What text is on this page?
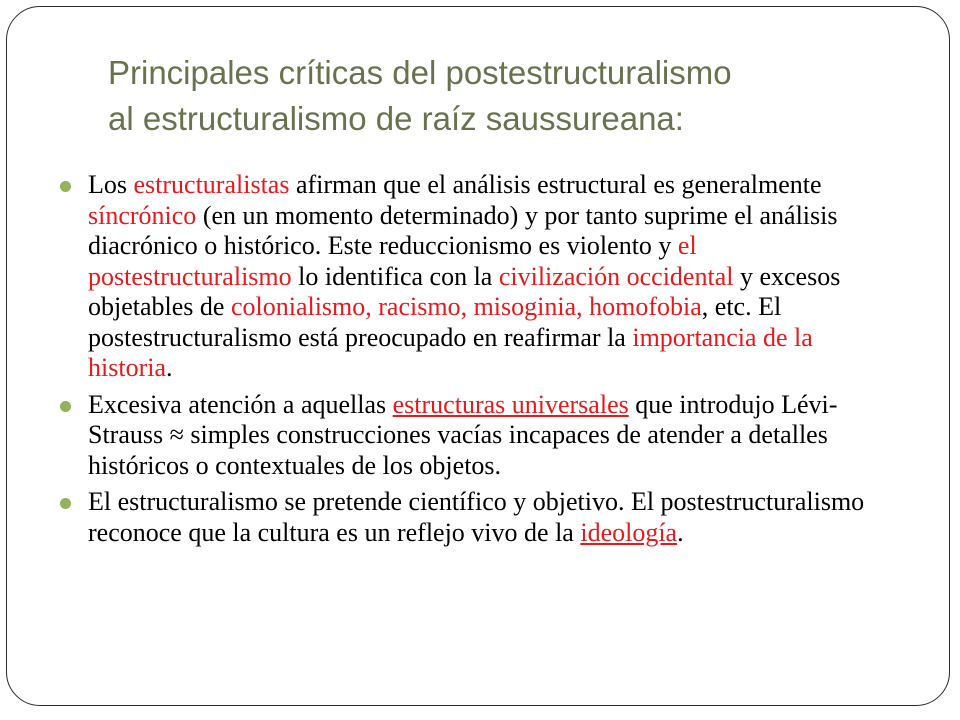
Principales críticas del postestructuralismo
al estructuralismo de raíz saussureana:
Los estructuralistas afirman que el análisis estructural es generalmente síncrónico (en un momento determinado) y por tanto suprime el análisis diacrónico o histórico. Este reduccionismo es violento y el postestructuralismo lo identifica con la civilización occidental y excesos objetables de colonialismo, racismo, misoginia, homofobia, etc. El postestructuralismo está preocupado en reafirmar la importancia de la historia.
Excesiva atención a aquellas estructuras universales que introdujo Lévi-Strauss ≈ simples construcciones vacías incapaces de atender a detalles históricos o contextuales de los objetos.
El estructuralismo se pretende científico y objetivo. El postestructuralismo reconoce que la cultura es un reflejo vivo de la ideología.
